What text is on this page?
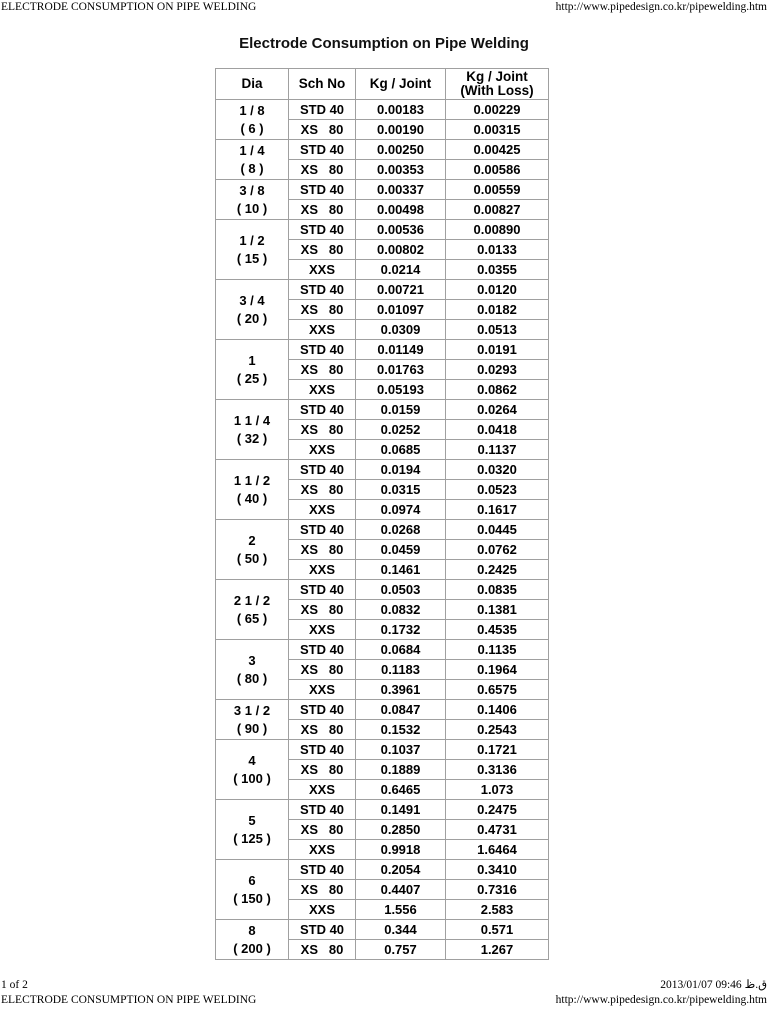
ELECTRODE CONSUMPTION ON PIPE WELDING	http://www.pipedesign.co.kr/pipewelding.htm
Electrode Consumption on Pipe Welding
Dia	Sch No	Kg / Joint	Kg / Joint
(With Loss)

1 / 8
( 6 )	STD 40	0.00183	0.00229
	XS   80	0.00190	0.00315

1 / 4
( 8 )	STD 40	0.00250	0.00425
	XS   80	0.00353	0.00586

3 / 8
( 10 )	STD 40	0.00337	0.00559
	XS   80	0.00498	0.00827

1 / 2
( 15 )	STD 40	0.00536	0.00890
	XS   80	0.00802	0.0133
	XXS	0.0214	0.0355

3 / 4
( 20 )	STD 40	0.00721	0.0120
	XS   80	0.01097	0.0182
	XXS	0.0309	0.0513

1
( 25 )	STD 40	0.01149	0.0191
	XS   80	0.01763	0.0293
	XXS	0.05193	0.0862

1 1 / 4
( 32 )	STD 40	0.0159	0.0264
	XS   80	0.0252	0.0418
	XXS	0.0685	0.1137

1 1 / 2
( 40 )	STD 40	0.0194	0.0320
	XS   80	0.0315	0.0523
	XXS	0.0974	0.1617

2
( 50 )	STD 40	0.0268	0.0445
	XS   80	0.0459	0.0762
	XXS	0.1461	0.2425

2 1 / 2
( 65 )	STD 40	0.0503	0.0835
	XS   80	0.0832	0.1381
	XXS	0.1732	0.4535

3
( 80 )	STD 40	0.0684	0.1135
	XS   80	0.1183	0.1964
	XXS	0.3961	0.6575

3 1 / 2
( 90 )	STD 40	0.0847	0.1406
	XS   80	0.1532	0.2543

4
( 100 )	STD 40	0.1037	0.1721
	XS   80	0.1889	0.3136
	XXS	0.6465	1.073

5
( 125 )	STD 40	0.1491	0.2475
	XS   80	0.2850	0.4731
	XXS	0.9918	1.6464

6
( 150 )	STD 40	0.2054	0.3410
	XS   80	0.4407	0.7316
	XXS	1.556	2.583

8
( 200 )	STD 40	0.344	0.571
	XS   80	0.757	1.267
1 of 2	2013/01/07 09:46 ق.ظ
ELECTRODE CONSUMPTION ON PIPE WELDING	http://www.pipedesign.co.kr/pipewelding.htm
